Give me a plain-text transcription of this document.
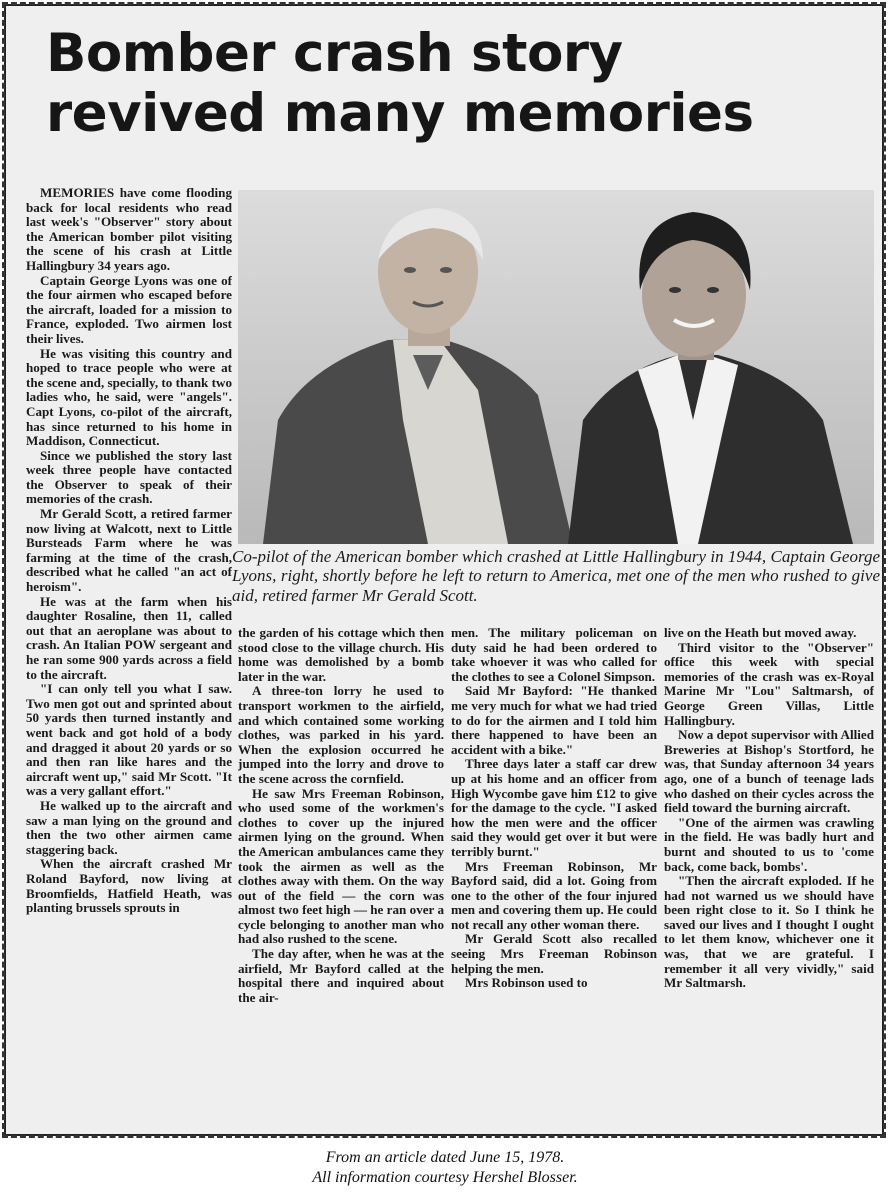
Bomber crash story
revived many memories

MEMORIES have come flooding back for local residents who read last week's "Observer" story about the American bomber pilot visiting the scene of his crash at Little Hallingbury 34 years ago.

Captain George Lyons was one of the four airmen who escaped before the aircraft, loaded for a mission to France, exploded. Two airmen lost their lives.

He was visiting this country and hoped to trace people who were at the scene and, specially, to thank two ladies who, he said, were "angels". Capt Lyons, co-pilot of the aircraft, has since returned to his home in Maddison, Connecticut.

Since we published the story last week three people have contacted the Observer to speak of their memories of the crash.

Mr Gerald Scott, a retired farmer now living at Walcott, next to Little Bursteads Farm where he was farming at the time of the crash, described what he called "an act of heroism".

He was at the farm when his daughter Rosaline, then 11, called out that an aeroplane was about to crash. An Italian POW sergeant and he ran some 900 yards across a field to the aircraft.

"I can only tell you what I saw. Two men got out and sprinted about 50 yards then turned instantly and went back and got hold of a body and dragged it about 20 yards or so and then ran like hares and the aircraft went up," said Mr Scott. "It was a very gallant effort."

He walked up to the aircraft and saw a man lying on the ground and then the two other airmen came staggering back.

When the aircraft crashed Mr Roland Bayford, now living at Broomfields, Hatfield Heath, was planting brussels sprouts in

Co-pilot of the American bomber which crashed at Little Hallingbury in 1944, Captain George Lyons, right, shortly before he left to return to America, met one of the men who rushed to give aid, retired farmer Mr Gerald Scott.

the garden of his cottage which then stood close to the village church. His home was demolished by a bomb later in the war.

A three-ton lorry he used to transport workmen to the airfield, and which contained some working clothes, was parked in his yard. When the explosion occurred he jumped into the lorry and drove to the scene across the cornfield.

He saw Mrs Freeman Robinson, who used some of the workmen's clothes to cover up the injured airmen lying on the ground. When the American ambulances came they took the airmen as well as the clothes away with them. On the way out of the field — the corn was almost two feet high — he ran over a cycle belonging to another man who had also rushed to the scene.

The day after, when he was at the airfield, Mr Bayford called at the hospital there and inquired about the air-

men. The military policeman on duty said he had been ordered to take whoever it was who called for the clothes to see a Colonel Simpson.

Said Mr Bayford: "He thanked me very much for what we had tried to do for the airmen and I told him there happened to have been an accident with a bike."

Three days later a staff car drew up at his home and an officer from High Wycombe gave him £12 to give for the damage to the cycle. "I asked how the men were and the officer said they would get over it but were terribly burnt."

Mrs Freeman Robinson, Mr Bayford said, did a lot. Going from one to the other of the four injured men and covering them up. He could not recall any other woman there.

Mr Gerald Scott also recalled seeing Mrs Freeman Robinson helping the men.

Mrs Robinson used to

live on the Heath but moved away.

Third visitor to the "Observer" office this week with special memories of the crash was ex-Royal Marine Mr "Lou" Saltmarsh, of George Green Villas, Little Hallingbury.

Now a depot supervisor with Allied Breweries at Bishop's Stortford, he was, that Sunday afternoon 34 years ago, one of a bunch of teenage lads who dashed on their cycles across the field toward the burning aircraft.

"One of the airmen was crawling in the field. He was badly hurt and burnt and shouted to us to 'come back, come back, bombs'.

"Then the aircraft exploded. If he had not warned us we should have been right close to it. So I think he saved our lives and I thought I ought to let them know, whichever one it was, that we are grateful. I remember it all very vividly," said Mr Saltmarsh.

From an article dated June 15, 1978.
All information courtesy Hershel Blosser.
